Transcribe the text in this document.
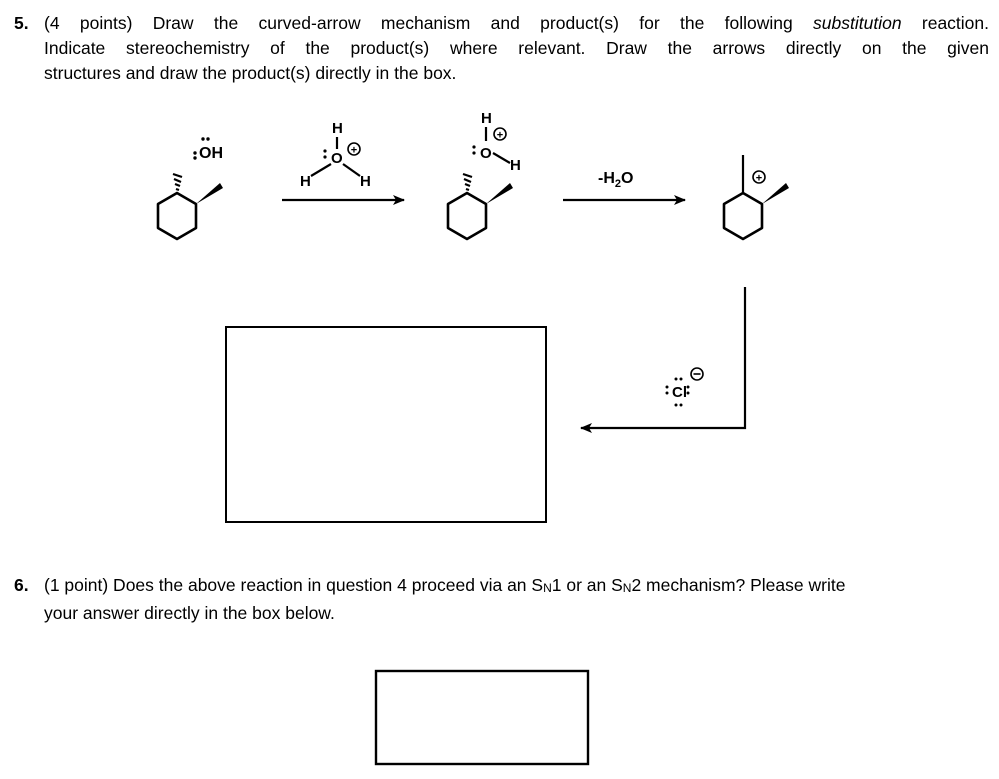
5. (4 points) Draw the curved-arrow mechanism and product(s) for the following substitution reaction.
Indicate stereochemistry of the product(s) where relevant. Draw the arrows directly on the given
structures and draw the product(s) directly in the box.
OH
H
O +
H	H
H
+
O
H
$-H_2O$	+
Cl
6. (1 point) Does the above reaction in question 4 proceed via an SN1 or an SN2 mechanism? Please write
your answer directly in the box below.
